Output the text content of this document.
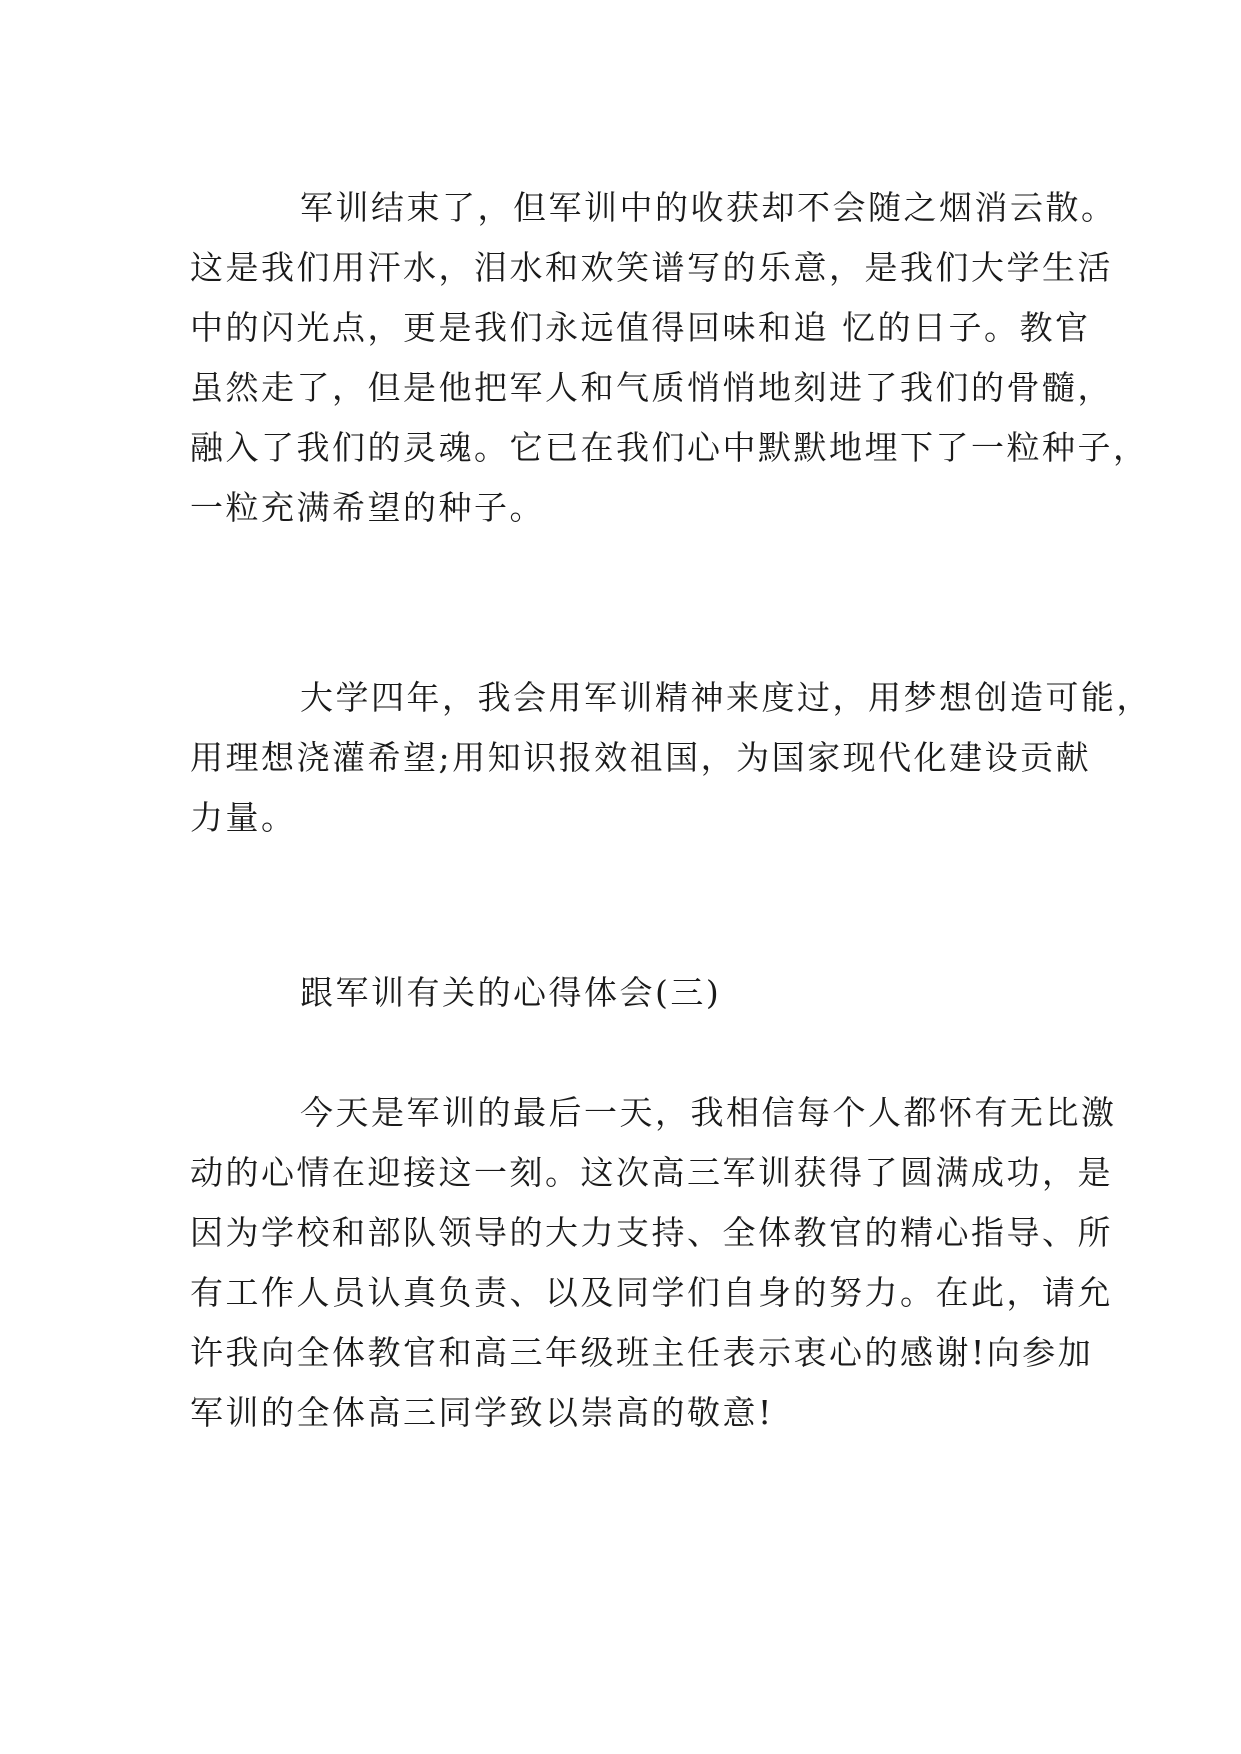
军训结束了，但军训中的收获却不会随之烟消云散。
这是我们用汗水，泪水和欢笑谱写的乐意，是我们大学生活
中的闪光点，更是我们永远值得回味和追 忆的日子。教官
虽然走了，但是他把军人和气质悄悄地刻进了我们的骨髓，
融入了我们的灵魂。它已在我们心中默默地埋下了一粒种子，
一粒充满希望的种子。
大学四年，我会用军训精神来度过，用梦想创造可能，
用理想浇灌希望;用知识报效祖国，为国家现代化建设贡献
力量。
跟军训有关的心得体会(三)
今天是军训的最后一天，我相信每个人都怀有无比激
动的心情在迎接这一刻。这次高三军训获得了圆满成功，是
因为学校和部队领导的大力支持、全体教官的精心指导、所
有工作人员认真负责、以及同学们自身的努力。在此，请允
许我向全体教官和高三年级班主任表示衷心的感谢!向参加
军训的全体高三同学致以崇高的敬意!
